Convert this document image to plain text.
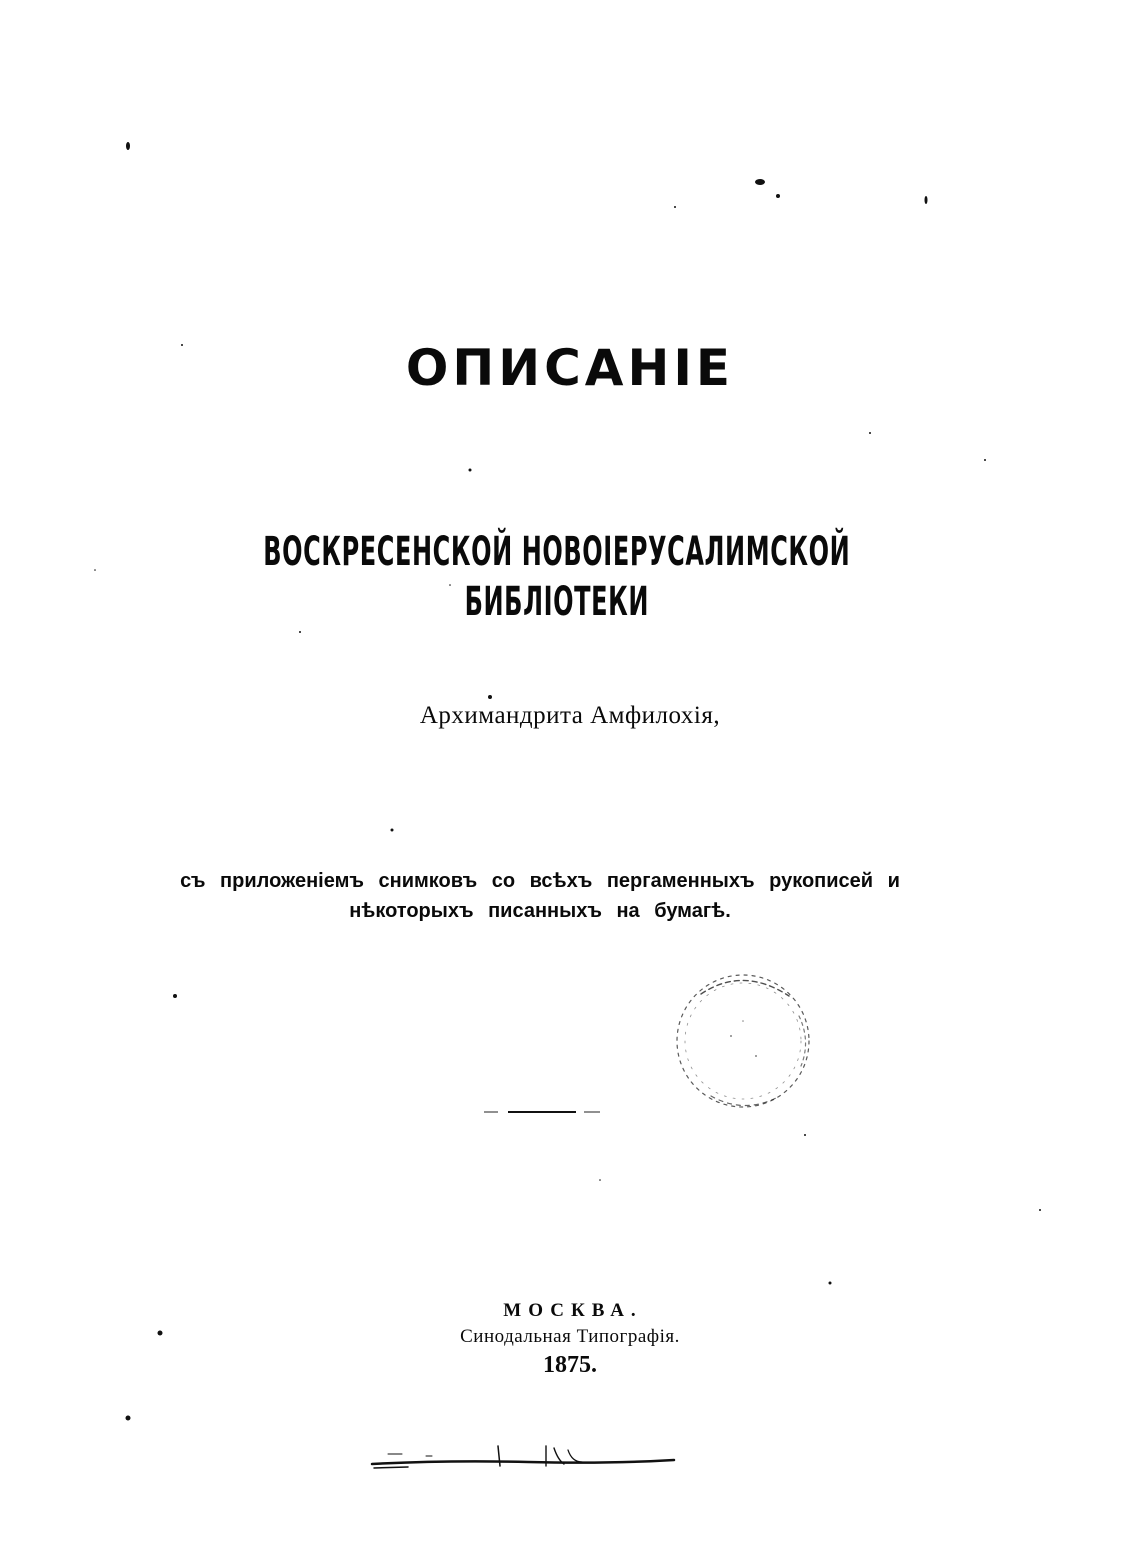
ОПИСАНІЕ
ВОСКРЕСЕНСКОЙ НОВОІЕРУСАЛИМСКОЙ БИБЛІОТЕКИ
Архимандрита Амфилохія,
съ приложеніемъ снимковъ со всѣхъ пергаменныхъ рукописей и
нѣкоторыхъ писанныхъ на бумагѣ.
МОСКВА.
Синодальная Типографія.
1875.
